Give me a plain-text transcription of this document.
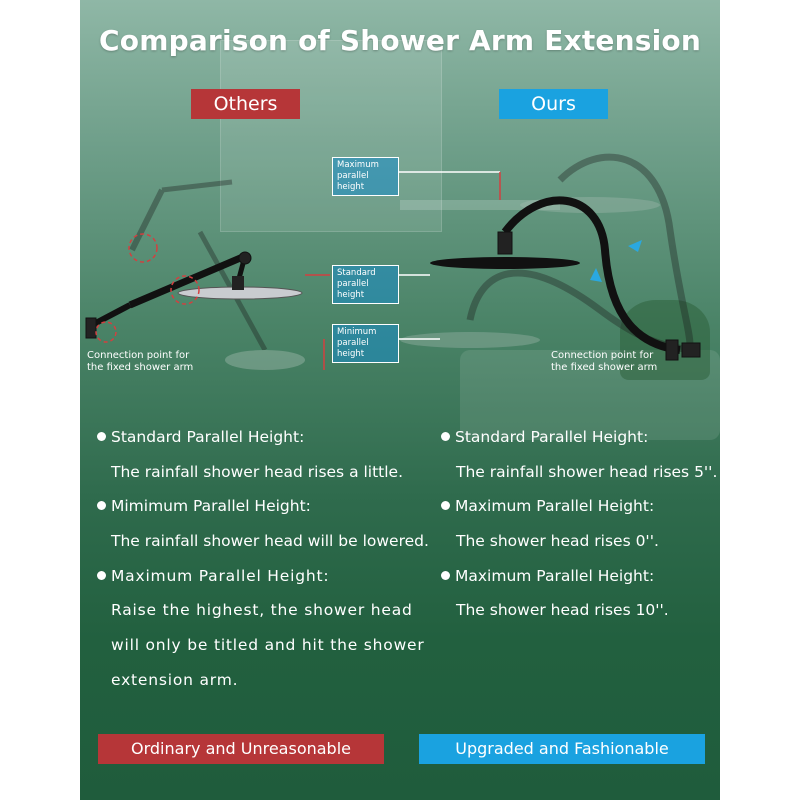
Comparison of Shower Arm Extension
Others	Ours
Maximum parallel height
Standard parallel height
Minimum parallel height
Connection point for the fixed shower arm
Connection point for the fixed shower arm
Standard Parallel Height:
The rainfall shower head rises a little.
Mimimum Parallel Height:
The rainfall shower head will be lowered.
Maximum Parallel Height:
Raise the highest, the shower head
will only be titled and hit the shower
extension arm.
Standard Parallel Height:
The rainfall shower head rises 5''.
Maximum Parallel Height:
The shower head rises 0''.
Maximum Parallel Height:
The shower head rises 10''.
Ordinary and Unreasonable	Upgraded and Fashionable
